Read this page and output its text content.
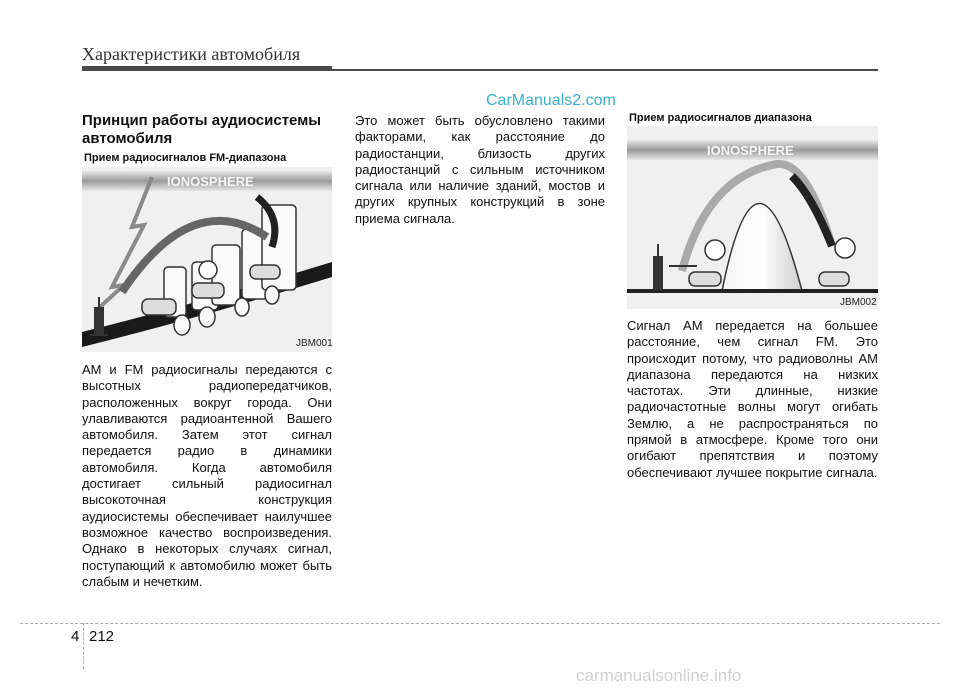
Характеристики автомобиля
CarManuals2.com
Принцип работы аудиосистемы автомобиля
Прием радиосигналов FM-диапазона
IONOSPHERE
JBM001
AM и FM радиосигналы передаются с высотных радиопередатчиков, расположенных вокруг города. Они улавливаются радиоантенной Вашего автомобиля. Затем этот сигнал передается радио в динамики автомобиля. Когда автомобиля достигает сильный радиосигнал высокоточная конструкция аудиосистемы обеспечивает наилучшее возможное качество воспроизведения. Однако в некоторых случаях сигнал, поступающий к автомобилю может быть слабым и нечетким.
Это может быть обусловлено такими факторами, как расстояние до радиостанции, близость других радиостанций с сильным источником сигнала или наличие зданий, мостов и других крупных конструкций в зоне приема сигнала.
Прием радиосигналов диапазона
IONOSPHERE
JBM002
Сигнал AM передается на большее расстояние, чем сигнал FM. Это происходит потому, что радиоволны AM диапазона передаются на низких частотах. Эти длинные, низкие радиочастотные волны могут огибать Землю, а не распространяться по прямой в атмосфере. Кроме того они огибают препятствия и поэтому обеспечивают лучшее покрытие сигнала.
4 212
carmanualsonline.info
